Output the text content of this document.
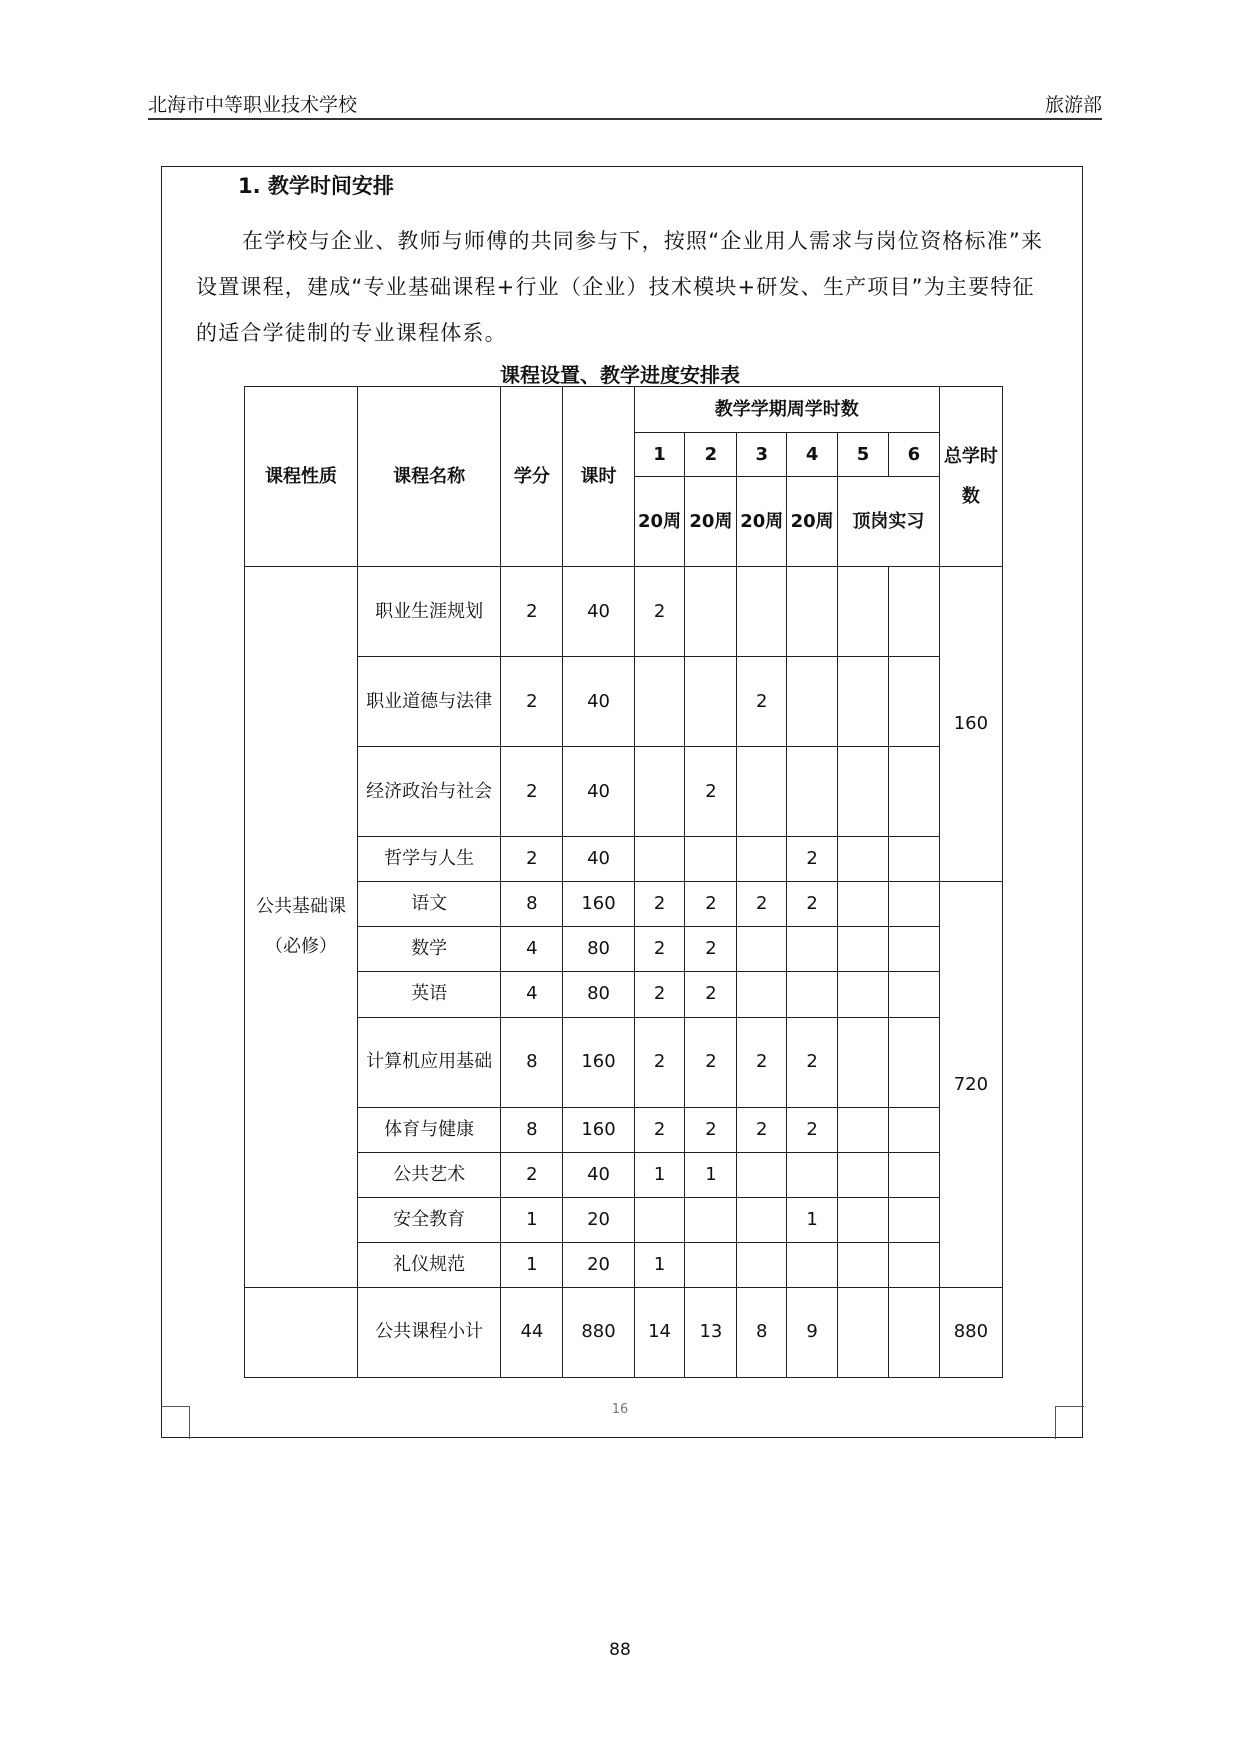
北海市中等职业技术学校	旅游部
1. 教学时间安排

在学校与企业、教师与师傅的共同参与下，按照“企业用人需求与岗位资格标准”来设置课程，建成“专业基础课程+行业（企业）技术模块+研发、生产项目”为主要特征的适合学徒制的专业课程体系。

课程设置、教学进度安排表
课程性质	课程名称	学分	课时	教学学期周学时数						总学时数
				1	2	3	4	5	6	
				20周	20周	20周	20周	顶岗实习		
公共基础课（必修）	职业生涯规划	2	40	2						160
	职业道德与法律	2	40			2				
	经济政治与社会	2	40		2					
	哲学与人生	2	40				2			
	语文	8	160	2	2	2	2			720
	数学	4	80	2	2					
	英语	4	80	2	2					
	计算机应用基础	8	160	2	2	2	2			
	体育与健康	8	160	2	2	2	2			
	公共艺术	2	40	1	1					
	安全教育	1	20				1			
	礼仪规范	1	20	1						
	公共课程小计	44	880	14	13	8	9			880
16
88
